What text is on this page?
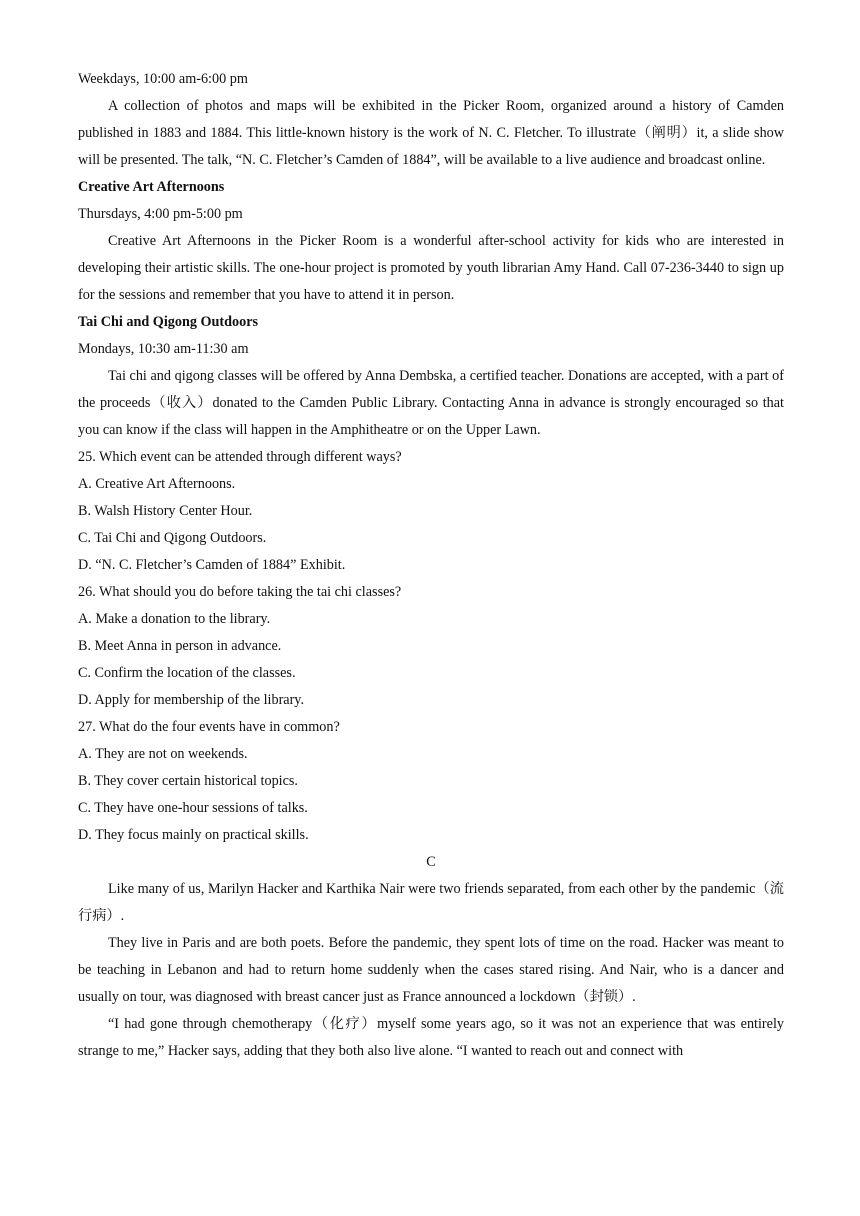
Weekdays, 10:00 am-6:00 pm
A collection of photos and maps will be exhibited in the Picker Room, organized around a history of Camden published in 1883 and 1884. This little-known history is the work of N. C. Fletcher. To illustrate（阐明）it, a slide show will be presented. The talk, “N. C. Fletcher’s Camden of 1884”, will be available to a live audience and broadcast online.
Creative Art Afternoons
Thursdays, 4:00 pm-5:00 pm
Creative Art Afternoons in the Picker Room is a wonderful after-school activity for kids who are interested in developing their artistic skills. The one-hour project is promoted by youth librarian Amy Hand. Call 07-236-3440 to sign up for the sessions and remember that you have to attend it in person.
Tai Chi and Qigong Outdoors
Mondays, 10:30 am-11:30 am
Tai chi and qigong classes will be offered by Anna Dembska, a certified teacher. Donations are accepted, with a part of the proceeds（收入）donated to the Camden Public Library. Contacting Anna in advance is strongly encouraged so that you can know if the class will happen in the Amphitheatre or on the Upper Lawn.
25. Which event can be attended through different ways?
A. Creative Art Afternoons.
B. Walsh History Center Hour.
C. Tai Chi and Qigong Outdoors.
D. “N. C. Fletcher’s Camden of 1884” Exhibit.
26. What should you do before taking the tai chi classes?
A. Make a donation to the library.
B. Meet Anna in person in advance.
C. Confirm the location of the classes.
D. Apply for membership of the library.
27. What do the four events have in common?
A. They are not on weekends.
B. They cover certain historical topics.
C. They have one-hour sessions of talks.
D. They focus mainly on practical skills.
C
Like many of us, Marilyn Hacker and Karthika Nair were two friends separated, from each other by the pandemic（流行病）.
They live in Paris and are both poets. Before the pandemic, they spent lots of time on the road. Hacker was meant to be teaching in Lebanon and had to return home suddenly when the cases stared rising. And Nair, who is a dancer and usually on tour, was diagnosed with breast cancer just as France announced a lockdown（封锁）.
“I had gone through chemotherapy（化疗）myself some years ago, so it was not an experience that was entirely strange to me,” Hacker says, adding that they both also live alone. “I wanted to reach out and connect with
